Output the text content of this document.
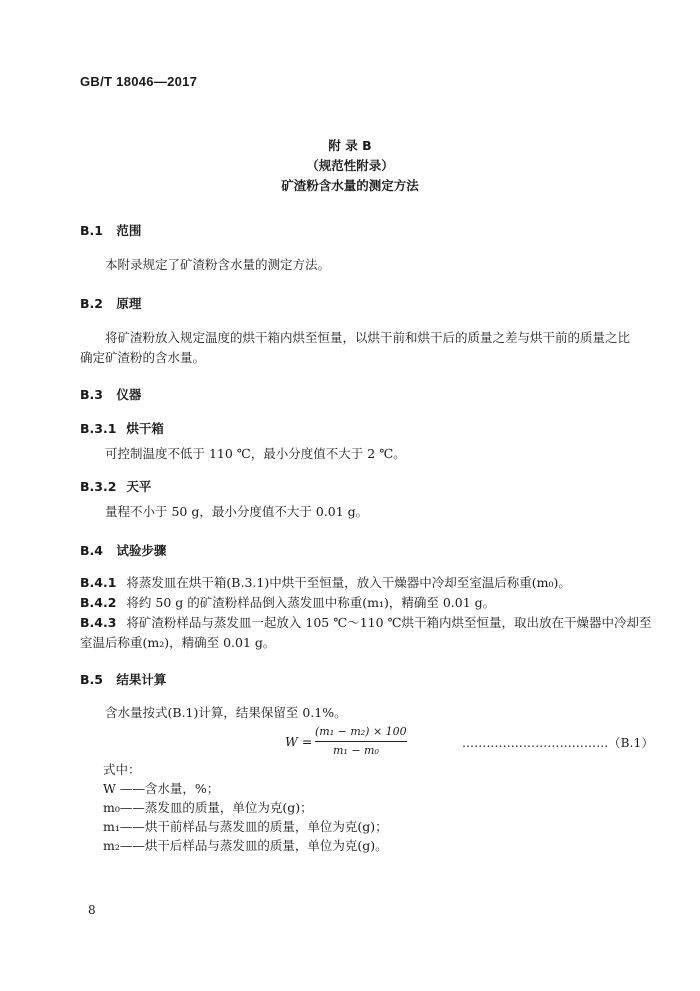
GB/T 18046—2017
附 录 B
（规范性附录）
矿渣粉含水量的测定方法
B.1 范围
本附录规定了矿渣粉含水量的测定方法。
B.2 原理
将矿渣粉放入规定温度的烘干箱内烘至恒量，以烘干前和烘干后的质量之差与烘干前的质量之比
确定矿渣粉的含水量。
B.3 仪器
B.3.1 烘干箱
可控制温度不低于 110 ℃，最小分度值不大于 2 ℃。
B.3.2 天平
量程不小于 50 g，最小分度值不大于 0.01 g。
B.4 试验步骤
B.4.1 将蒸发皿在烘干箱(B.3.1)中烘干至恒量，放入干燥器中冷却至室温后称重(m₀)。
B.4.2 将约 50 g 的矿渣粉样品倒入蒸发皿中称重(m₁)，精确至 0.01 g。
B.4.3 将矿渣粉样品与蒸发皿一起放入 105 ℃～110 ℃烘干箱内烘至恒量，取出放在干燥器中冷却至
室温后称重(m₂)，精确至 0.01 g。
B.5 结果计算
含水量按式(B.1)计算，结果保留至 0.1%。
W =
(m₁ − m₂) × 100
m₁ − m₀
………………………………（B.1）
式中：
W ——含水量，%；
m₀——蒸发皿的质量，单位为克(g)；
m₁——烘干前样品与蒸发皿的质量，单位为克(g)；
m₂——烘干后样品与蒸发皿的质量，单位为克(g)。
8
